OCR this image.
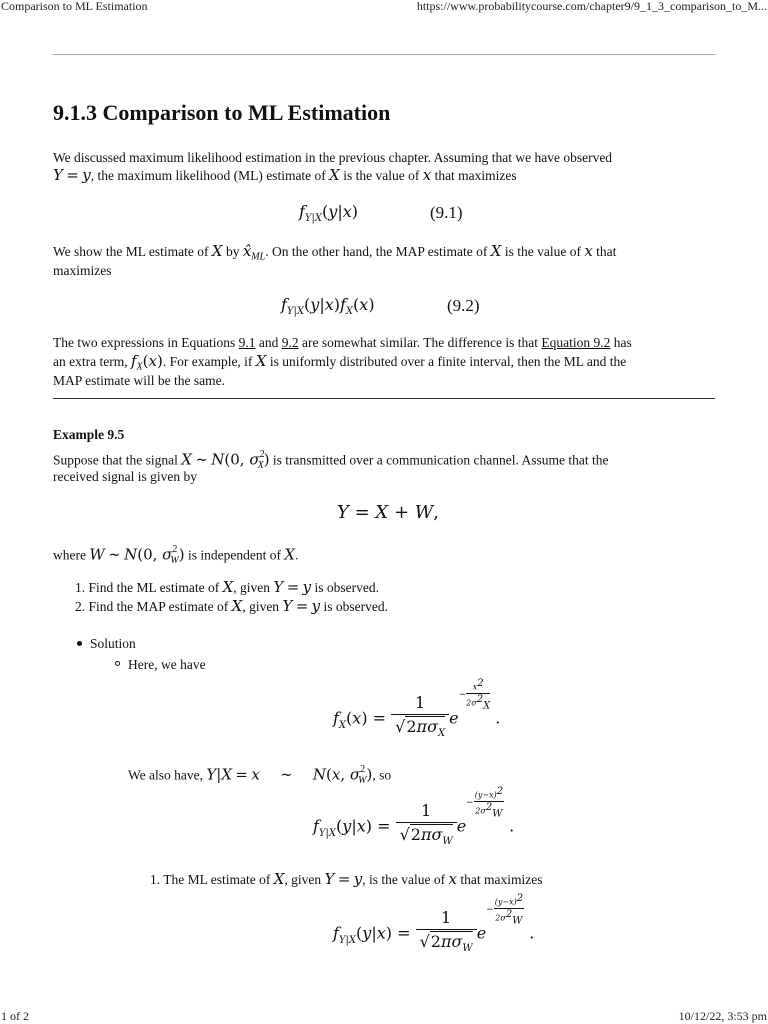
Comparison to ML Estimation	https://www.probabilitycourse.com/chapter9/9_1_3_comparison_to_M...
9.1.3 Comparison to ML Estimation

We discussed maximum likelihood estimation in the previous chapter. Assuming that we have observed

Y = y, the maximum likelihood (ML) estimate of X is the value of x that maximizes

$f_{Y|X}(y|x)$	(9.1)

We show the ML estimate of X by $x̂_{ML}$. On the other hand, the MAP estimate of X is the value of x that

maximizes

$f_{Y|X}(y|x)f_X(x)$	(9.2)

The two expressions in Equations 9.1 and 9.2 are somewhat similar. The difference is that Equation 9.2 has

an extra term, $f_X(x)$. For example, if X is uniformly distributed over a finite interval, then the ML and the

MAP estimate will be the same.

Example 9.5

Suppose that the signal X ∼ N(0, $\sigma^2_X$) is transmitted over a communication channel. Assume that the

received signal is given by

Y = X + W,

where W ∼ N(0, $\sigma^2_W$) is independent of X.

1. Find the ML estimate of X, given Y = y is observed.
2. Find the MAP estimate of X, given Y = y is observed.
Solution
Here, we have
$f_X(x) = \frac{1}{√2\pi\sigma_X} e- \frac{x^2}{2\sigma^2_X}$
.
We also have, Y|X = x ∼ N(x, $\sigma^2_W$), so
$f_{Y|X}(y|x) = \frac{1}{√2\pi\sigma_W} e- \frac{(y-x)^2}{2\sigma^2_W}$
.
1. The ML estimate of X, given Y = y, is the value of x that maximizes
$f_{Y|X}(y|x) = \frac{1}{√2\pi\sigma_W} e- \frac{(y-x)^2}{2\sigma^2_W}$
.
1 of 2	10/12/22, 3:53 pm
